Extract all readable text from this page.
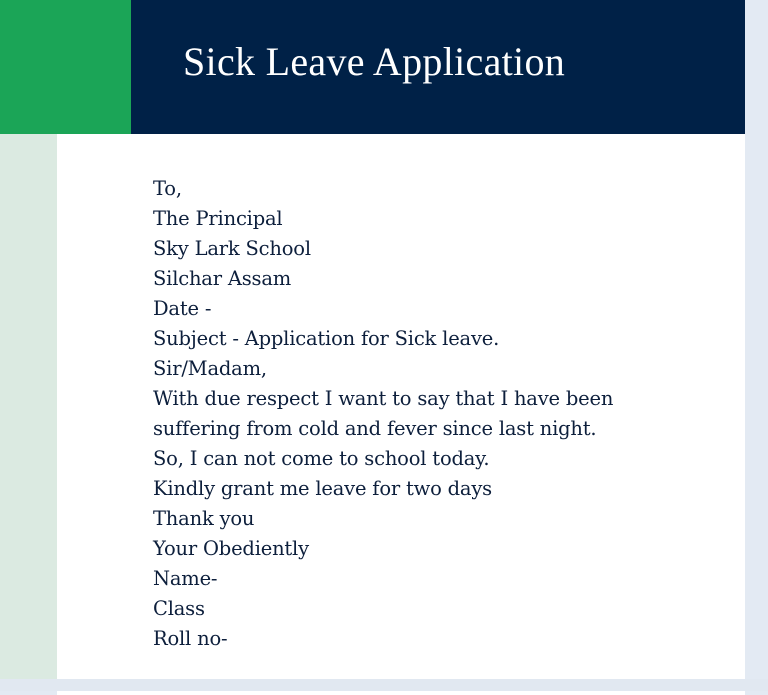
Sick Leave Application
To,
The Principal
Sky Lark School
Silchar Assam
Date -
Subject - Application for Sick leave.
Sir/Madam,
With due respect I want to say that I have been
suffering from cold and fever since last night.
So, I can not come to school today.
Kindly grant me leave for two days
Thank you
Your Obediently
Name-
Class
Roll no-
